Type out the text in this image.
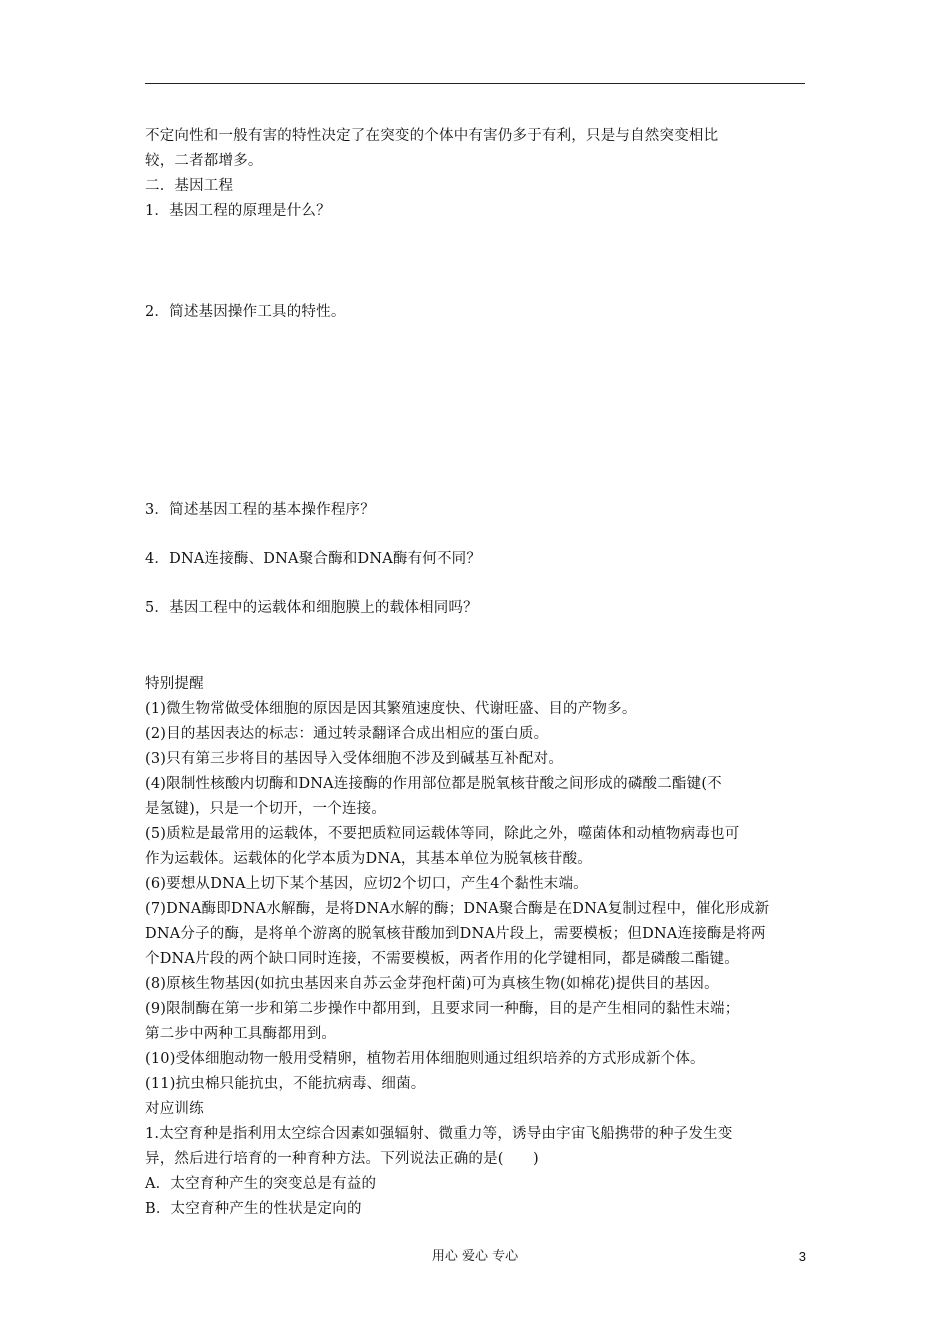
不定向性和一般有害的特性决定了在突变的个体中有害仍多于有利，只是与自然突变相比
较，二者都增多。
二．基因工程
1．基因工程的原理是什么？
2．简述基因操作工具的特性。
3．简述基因工程的基本操作程序？
4．DNA连接酶、DNA聚合酶和DNA酶有何不同？
5．基因工程中的运载体和细胞膜上的载体相同吗？
特别提醒
(1)微生物常做受体细胞的原因是因其繁殖速度快、代谢旺盛、目的产物多。
(2)目的基因表达的标志：通过转录翻译合成出相应的蛋白质。
(3)只有第三步将目的基因导入受体细胞不涉及到碱基互补配对。
(4)限制性核酸内切酶和DNA连接酶的作用部位都是脱氧核苷酸之间形成的磷酸二酯键(不
是氢键)，只是一个切开，一个连接。
(5)质粒是最常用的运载体，不要把质粒同运载体等同，除此之外，噬菌体和动植物病毒也可
作为运载体。运载体的化学本质为DNA，其基本单位为脱氧核苷酸。
(6)要想从DNA上切下某个基因，应切2个切口，产生4个黏性末端。
(7)DNA酶即DNA水解酶，是将DNA水解的酶；DNA聚合酶是在DNA复制过程中，催化形成新
DNA分子的酶，是将单个游离的脱氧核苷酸加到DNA片段上，需要模板；但DNA连接酶是将两
个DNA片段的两个缺口同时连接，不需要模板，两者作用的化学键相同，都是磷酸二酯键。
(8)原核生物基因(如抗虫基因来自苏云金芽孢杆菌)可为真核生物(如棉花)提供目的基因。
(9)限制酶在第一步和第二步操作中都用到，且要求同一种酶，目的是产生相同的黏性末端；
第二步中两种工具酶都用到。
(10)受体细胞动物一般用受精卵，植物若用体细胞则通过组织培养的方式形成新个体。
(11)抗虫棉只能抗虫，不能抗病毒、细菌。
对应训练
1.太空育种是指利用太空综合因素如强辐射、微重力等，诱导由宇宙飞船携带的种子发生变
异，然后进行培育的一种育种方法。下列说法正确的是(　　)
A．太空育种产生的突变总是有益的
B．太空育种产生的性状是定向的
用心 爱心 专心	3
